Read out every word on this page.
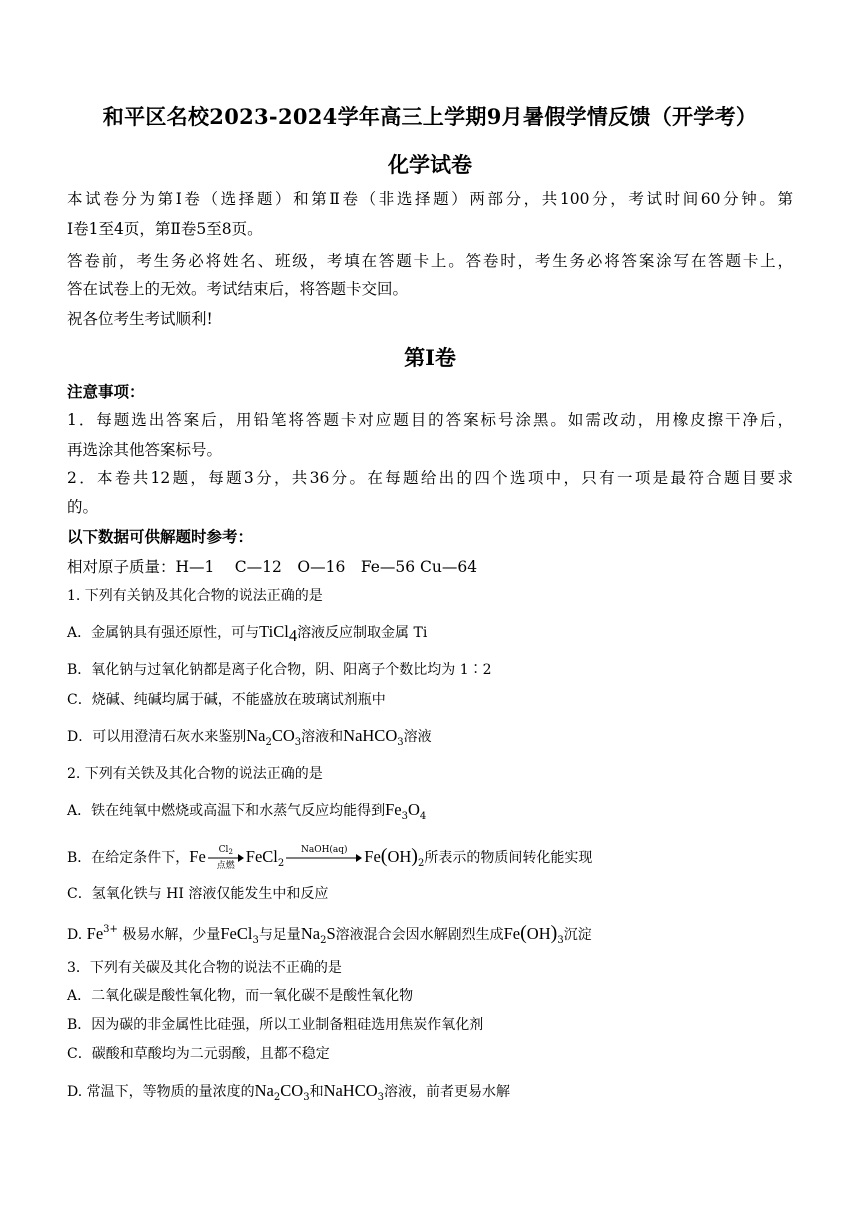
和平区名校2023-2024学年高三上学期9月暑假学情反馈（开学考）
化学试卷
本试卷分为第Ⅰ卷（选择题）和第Ⅱ卷（非选择题）两部分，共100分，考试时间60分钟。第
Ⅰ卷1至4页，第Ⅱ卷5至8页。
答卷前，考生务必将姓名、班级，考填在答题卡上。答卷时，考生务必将答案涂写在答题卡上，
答在试卷上的无效。考试结束后，将答题卡交回。
祝各位考生考试顺利!
第Ⅰ卷
注意事项：
1．每题选出答案后，用铅笔将答题卡对应题目的答案标号涂黑。如需改动，用橡皮擦干净后，
再选涂其他答案标号。
2．本卷共12题，每题3分，共36分。在每题给出的四个选项中，只有一项是最符合题目要求
的。
以下数据可供解题时参考：
相对原子质量：H—1　 C—12　O—16　Fe—56 Cu—64
1. 下列有关钠及其化合物的说法正确的是
A．金属钠具有强还原性，可与TiCl$_4$溶液反应制取金属 Ti
B．氧化钠与过氧化钠都是离子化合物，阴、阳离子个数比均为 1∶2
C．烧碱、纯碱均属于碱，不能盛放在玻璃试剂瓶中
D．可以用澄清石灰水来鉴别$Na_2CO_3$溶液和NaHCO$_3$溶液
2. 下列有关铁及其化合物的说法正确的是
A．铁在纯氧中燃烧或高温下和水蒸气反应均能得到$Fe_3O_4$
B．在给定条件下，Fe	$Cl_2$
点燃 FeCl$_2$
NaOH(aq)	$Fe(OH)_2$所表示的物质间转化能实现
C．氢氧化铁与 HI 溶液仅能发生中和反应
D. $Fe^{3+}$ 极易水解，少量FeCl$_3$与足量$Na_2S$溶液混合会因水解剧烈生成$Fe(OH)_3$沉淀
3．下列有关碳及其化合物的说法不正确的是
A．二氧化碳是酸性氧化物，而一氧化碳不是酸性氧化物
B．因为碳的非金属性比硅强，所以工业制备粗硅选用焦炭作氧化剂
C．碳酸和草酸均为二元弱酸，且都不稳定
D. 常温下，等物质的量浓度的$Na_2CO_3$和NaHCO$_3$溶液，前者更易水解
